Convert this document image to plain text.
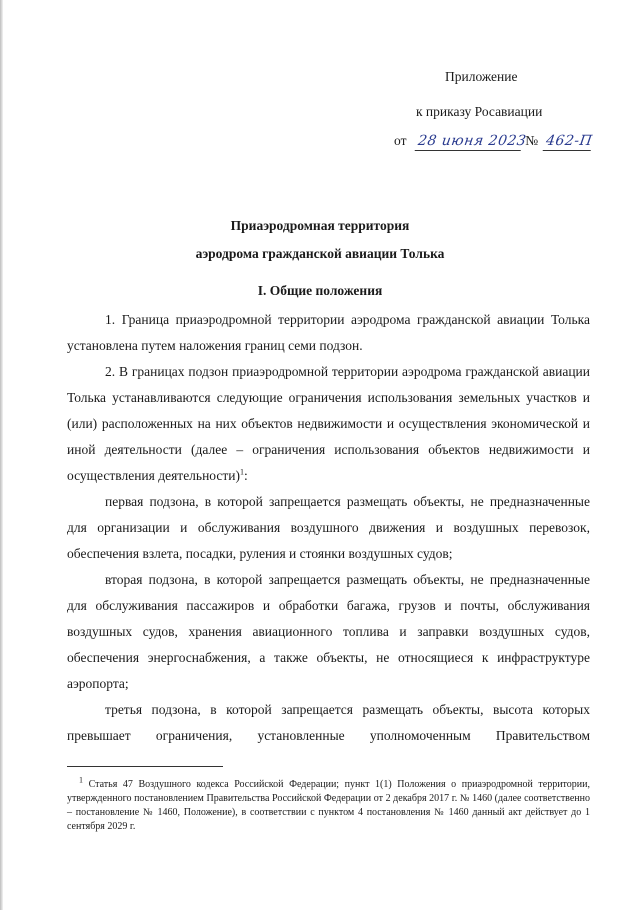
Приложение
к приказу Росавиации
от 28 июня 2023 № 462-П
Приаэродромная территория
аэродрома гражданской авиации Толька
I. Общие положения

1. Граница приаэродромной территории аэродрома гражданской авиации Толька установлена путем наложения границ семи подзон.

2. В границах подзон приаэродромной территории аэродрома гражданской авиации Толька устанавливаются следующие ограничения использования земельных участков и (или) расположенных на них объектов недвижимости и осуществления экономической и иной деятельности (далее – ограничения использования объектов недвижимости и осуществления деятельности)$^1$:

первая подзона, в которой запрещается размещать объекты, не предназначенные для организации и обслуживания воздушного движения и воздушных перевозок, обеспечения взлета, посадки, руления и стоянки воздушных судов;

вторая подзона, в которой запрещается размещать объекты, не предназначенные для обслуживания пассажиров и обработки багажа, грузов и почты, обслуживания воздушных судов, хранения авиационного топлива и заправки воздушных судов, обеспечения энергоснабжения, а также объекты, не относящиеся к инфраструктуре аэропорта;

третья подзона, в которой запрещается размещать объекты, высота которых превышает ограничения, установленные уполномоченным Правительством

$^1$ Статья 47 Воздушного кодекса Российской Федерации; пункт 1(1) Положения о приаэродромной территории, утвержденного постановлением Правительства Российской Федерации от 2 декабря 2017 г. № 1460 (далее соответственно – постановление № 1460, Положение), в соответствии с пунктом 4 постановления № 1460 данный акт действует до 1 сентября 2029 г.
